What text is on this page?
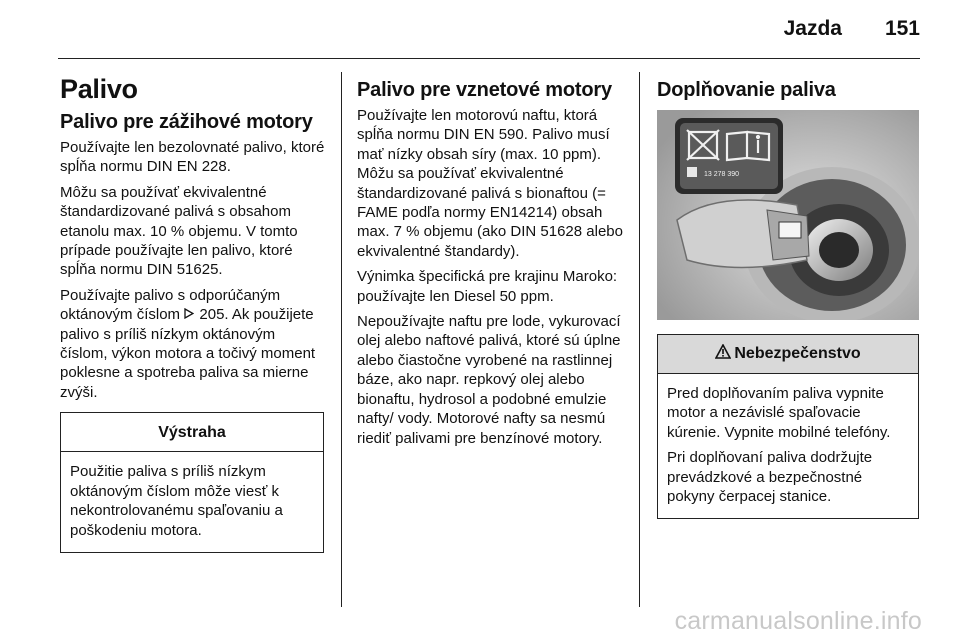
Jazda 151
Palivo
Palivo pre zážihové motory

Používajte len bezolovnaté palivo, ktoré spĺňa normu DIN EN 228.

Môžu sa používať ekvivalentné štandardizované palivá s obsahom etanolu max. 10 % objemu. V tomto prípade používajte len palivo, ktoré spĺňa normu DIN 51625.

Používajte palivo s odporúčaným oktánovým číslom 205. Ak použijete palivo s príliš nízkym oktánovým číslom, výkon motora a točivý moment poklesne a spotreba paliva sa mierne zvýši.

Výstraha

Použitie paliva s príliš nízkym oktánovým číslom môže viesť k nekontrolovanému spaľovaniu a poškodeniu motora.

Palivo pre vznetové motory

Používajte len motorovú naftu, ktorá spĺňa normu DIN EN 590. Palivo musí mať nízky obsah síry (max. 10 ppm). Môžu sa používať ekvivalentné štandardizované palivá s bionaftou (= FAME podľa normy EN14214) obsah max. 7 % objemu (ako DIN 51628 alebo ekvivalentné štandardy).

Výnimka špecifická pre krajinu Maroko: používajte len Diesel 50 ppm.

Nepoužívajte naftu pre lode, vykurovací olej alebo naftové palivá, ktoré sú úplne alebo čiastočne vyrobené na rastlinnej báze, ako napr. repkový olej alebo bionaftu, hydrosol a podobné emulzie nafty/ vody. Motorové nafty sa nesmú riediť palivami pre benzínové motory.

Doplňovanie paliva
13 278 390
Nebezpečenstvo

Pred doplňovaním paliva vypnite motor a nezávislé spaľovacie kúrenie. Vypnite mobilné telefóny.

Pri doplňovaní paliva dodržujte prevádzkové a bezpečnostné pokyny čerpacej stanice.

carmanualsonline.info
